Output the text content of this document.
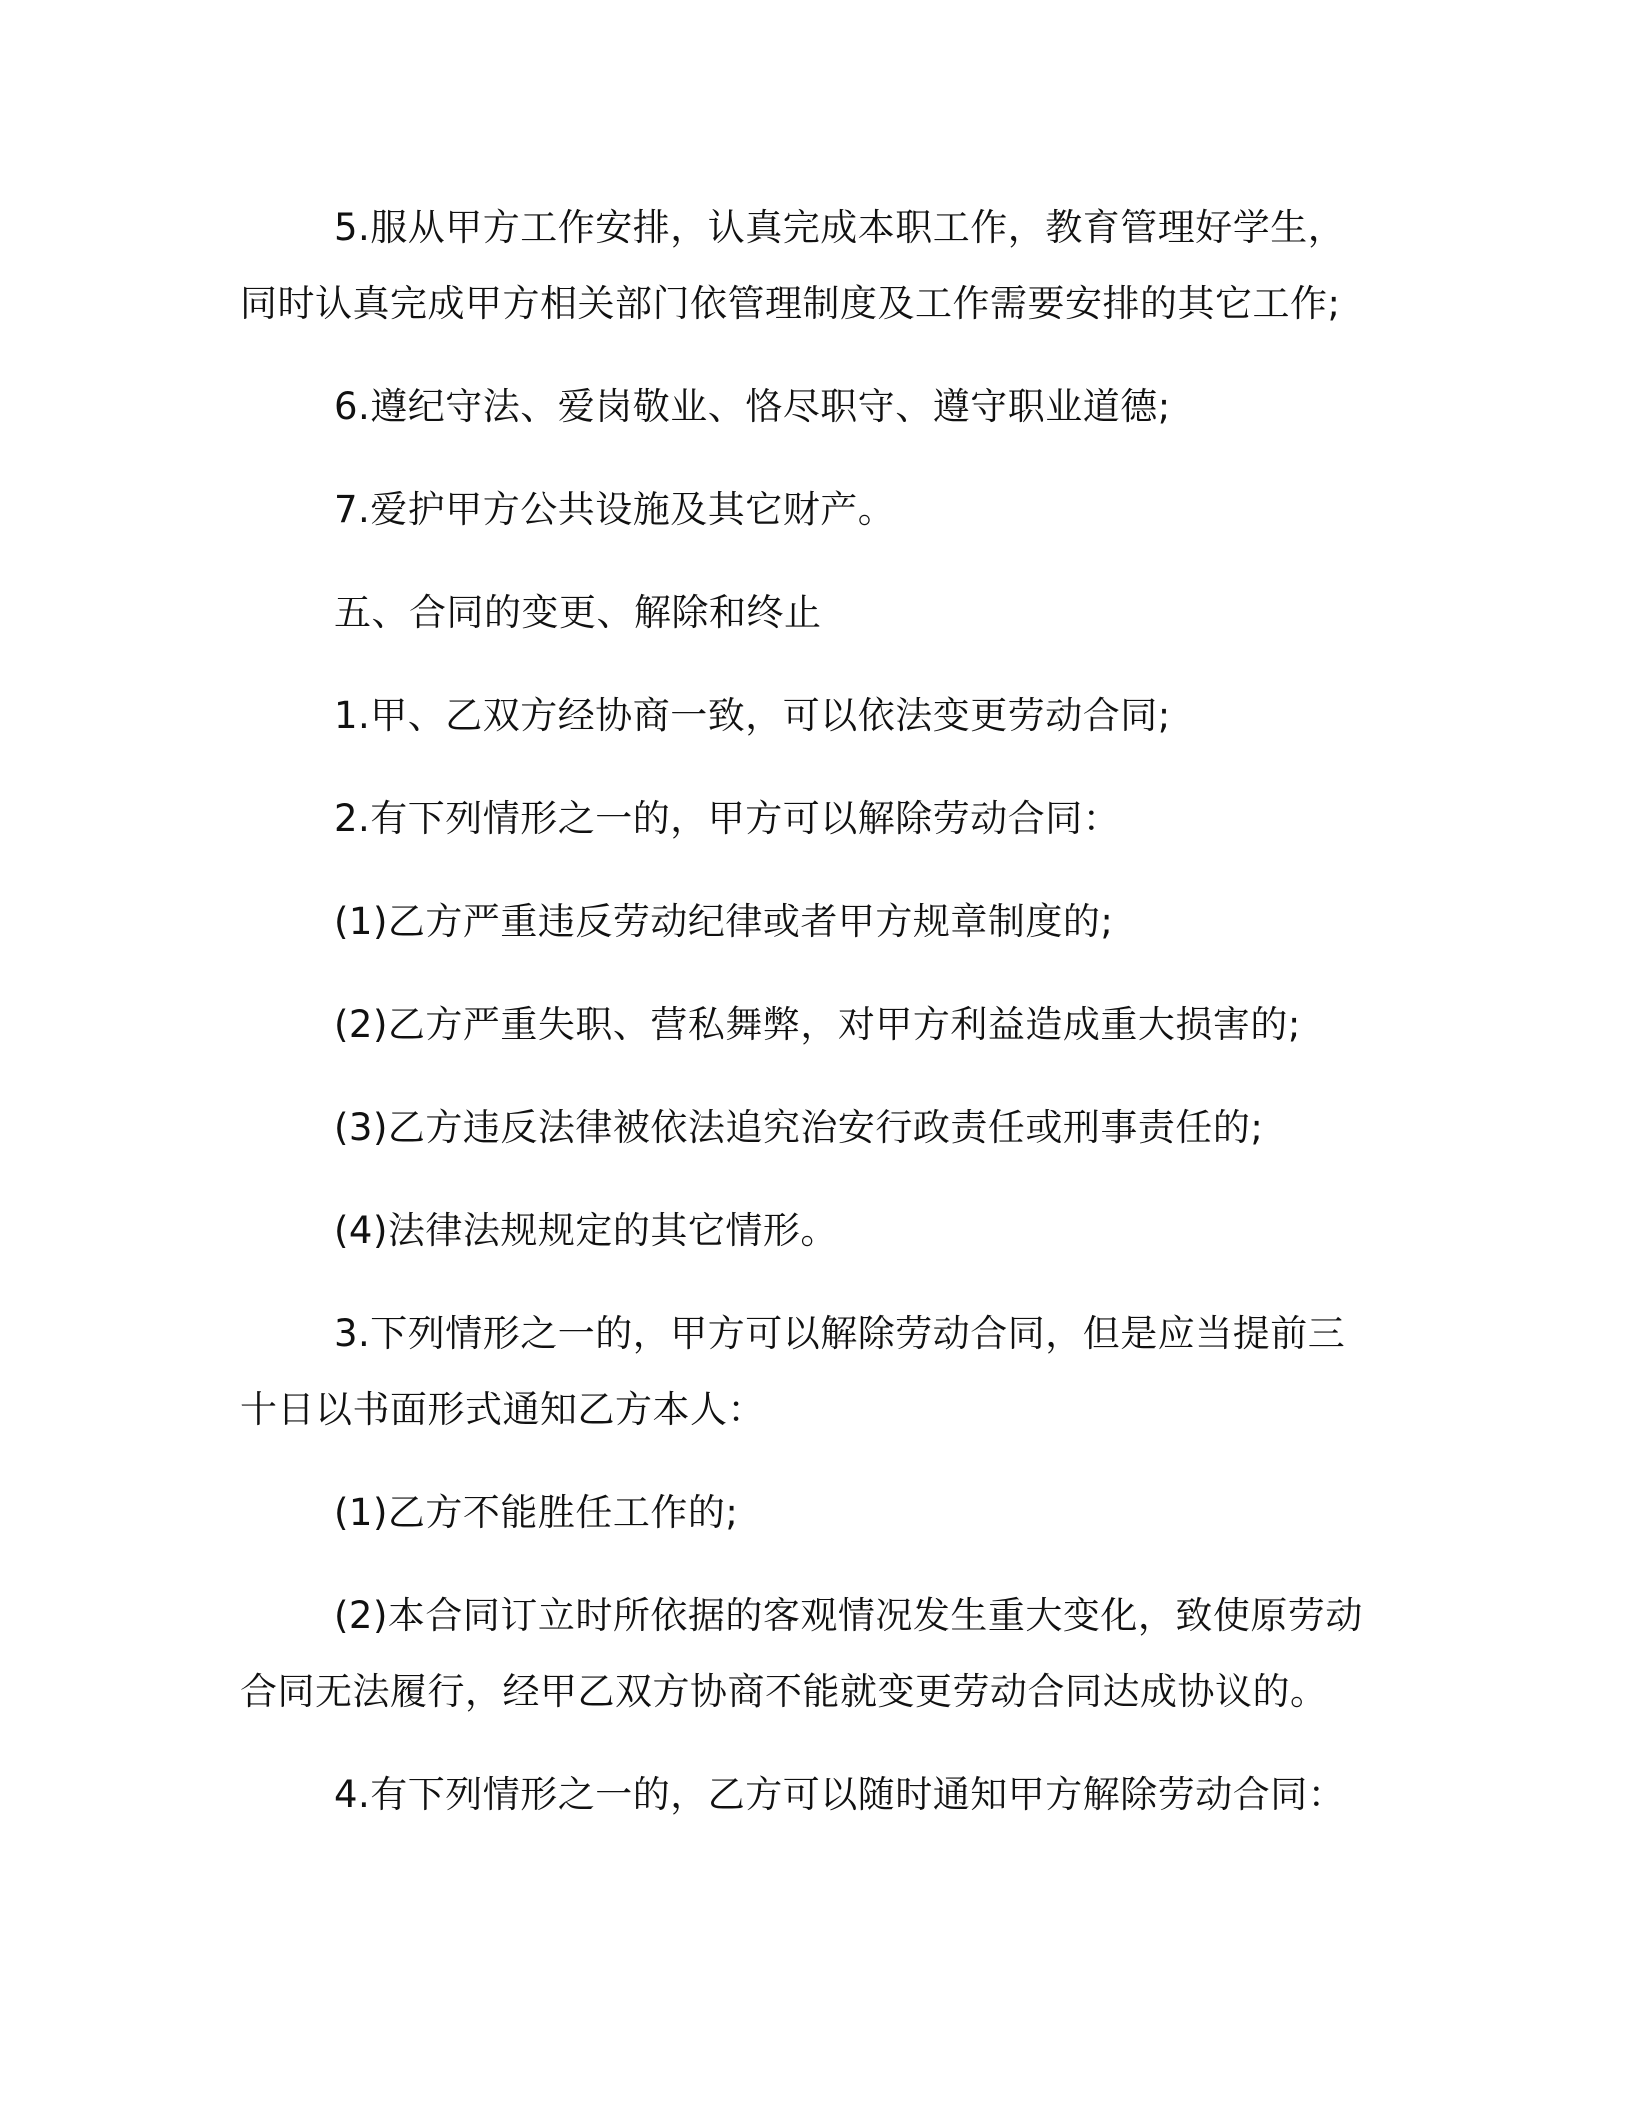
5.服从甲方工作安排，认真完成本职工作，教育管理好学生，同时认真完成甲方相关部门依管理制度及工作需要安排的其它工作;

6.遵纪守法、爱岗敬业、恪尽职守、遵守职业道德;

7.爱护甲方公共设施及其它财产。

五、合同的变更、解除和终止

1.甲、乙双方经协商一致，可以依法变更劳动合同;

2.有下列情形之一的，甲方可以解除劳动合同：

(1)乙方严重违反劳动纪律或者甲方规章制度的;

(2)乙方严重失职、营私舞弊，对甲方利益造成重大损害的;

(3)乙方违反法律被依法追究治安行政责任或刑事责任的;

(4)法律法规规定的其它情形。

3.下列情形之一的，甲方可以解除劳动合同，但是应当提前三十日以书面形式通知乙方本人：

(1)乙方不能胜任工作的;

(2)本合同订立时所依据的客观情况发生重大变化，致使原劳动合同无法履行，经甲乙双方协商不能就变更劳动合同达成协议的。

4.有下列情形之一的，乙方可以随时通知甲方解除劳动合同：
